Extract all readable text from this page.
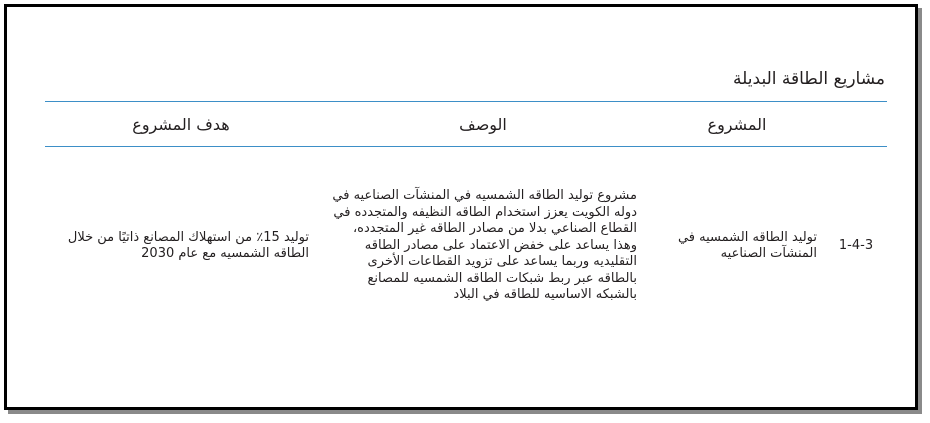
مشاريع الطاقة البديلة
المشروع
الوصف
هدف المشروع
1-4-3
توليد الطاقه الشمسيه في المنشآت الصناعيه
مشروع توليد الطاقه الشمسيه في المنشآت الصناعيه في دوله الكويت يعزز استخدام الطاقه النظيفه والمتجدده في القطاع الصناعي بدلا من مصادر الطاقه غير المتجدده، وهذا يساعد على خفض الاعتماد على مصادر الطاقه التقليديه وربما يساعد على تزويد القطاعات الأخرى بالطاقه عبر ربط شبكات الطاقه الشمسيه للمصانع بالشبكه الاساسيه للطاقه في البلاد
توليد 15٪ من استهلاك المصانع ذاتيًا من خلال الطاقه الشمسيه مع عام 2030
